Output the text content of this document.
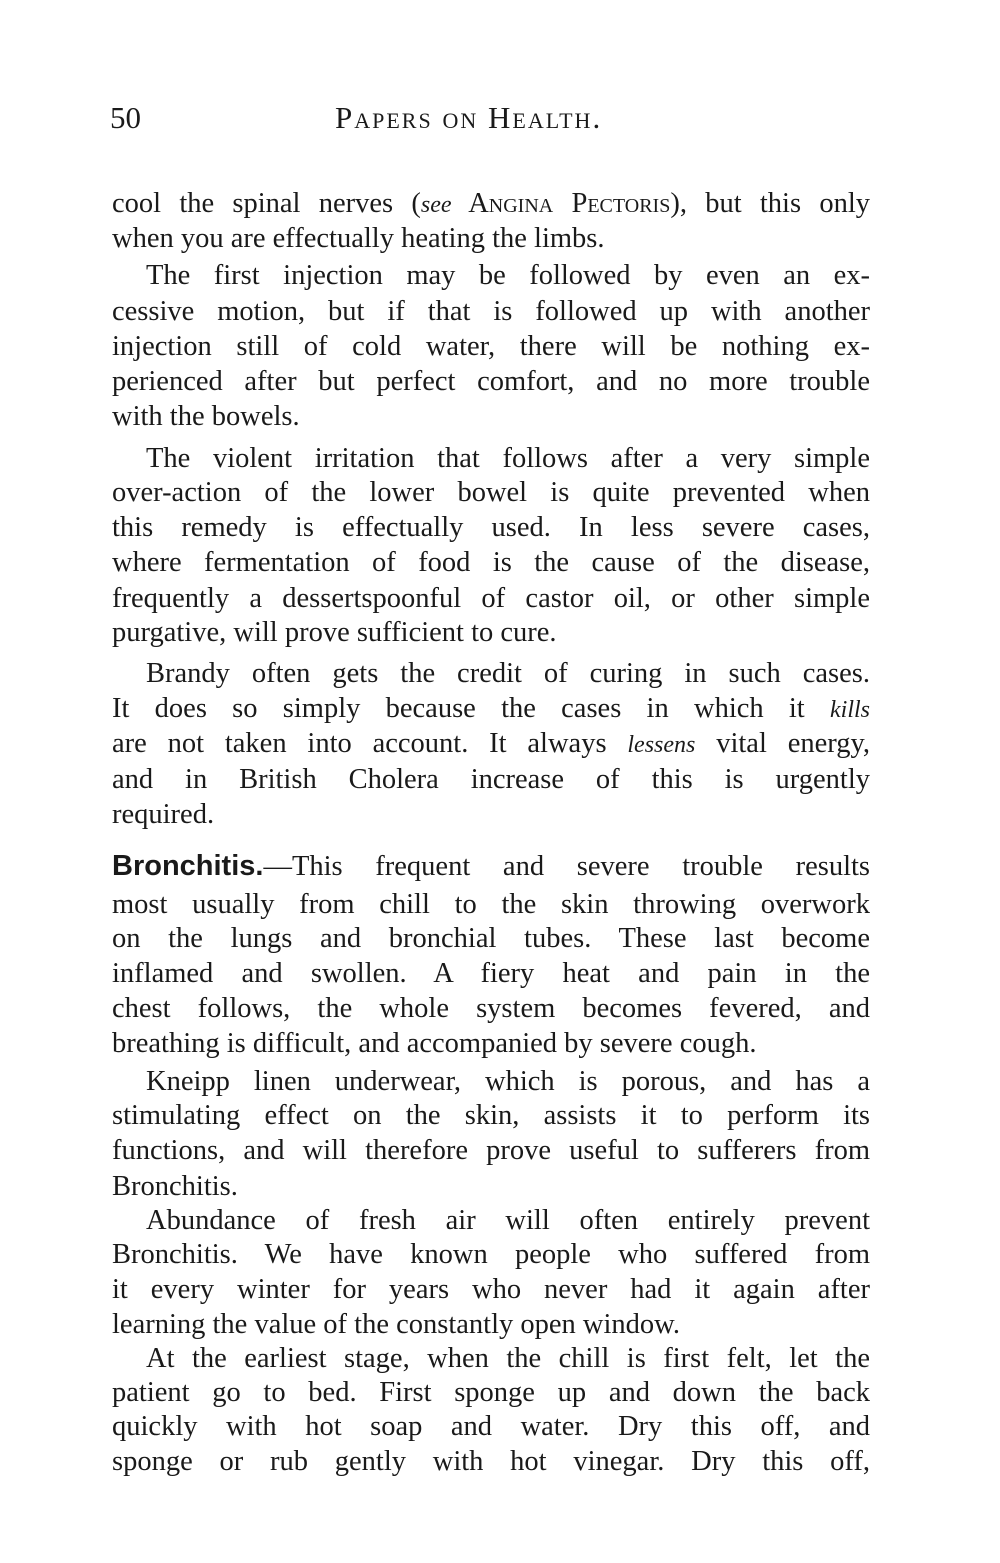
50	Papers on Health.
cool the spinal nerves (see Angina Pectoris), but this only
when you are effectually heating the limbs.
The first injection may be followed by even an ex-
cessive motion, but if that is followed up with another
injection still of cold water, there will be nothing ex-
perienced after but perfect comfort, and no more trouble
with the bowels.
The violent irritation that follows after a very simple
over-action of the lower bowel is quite prevented when
this remedy is effectually used. In less severe cases,
where fermentation of food is the cause of the disease,
frequently a dessertspoonful of castor oil, or other simple
purgative, will prove sufficient to cure.
Brandy often gets the credit of curing in such cases.
It does so simply because the cases in which it kills
are not taken into account. It always lessens vital energy,
and in British Cholera increase of this is urgently
required.
Bronchitis.—This frequent and severe trouble results
most usually from chill to the skin throwing overwork
on the lungs and bronchial tubes. These last become
inflamed and swollen. A fiery heat and pain in the
chest follows, the whole system becomes fevered, and
breathing is difficult, and accompanied by severe cough.
Kneipp linen underwear, which is porous, and has a
stimulating effect on the skin, assists it to perform its
functions, and will therefore prove useful to sufferers from
Bronchitis.
Abundance of fresh air will often entirely prevent
Bronchitis. We have known people who suffered from
it every winter for years who never had it again after
learning the value of the constantly open window.
At the earliest stage, when the chill is first felt, let the
patient go to bed. First sponge up and down the back
quickly with hot soap and water. Dry this off, and
sponge or rub gently with hot vinegar. Dry this off,
